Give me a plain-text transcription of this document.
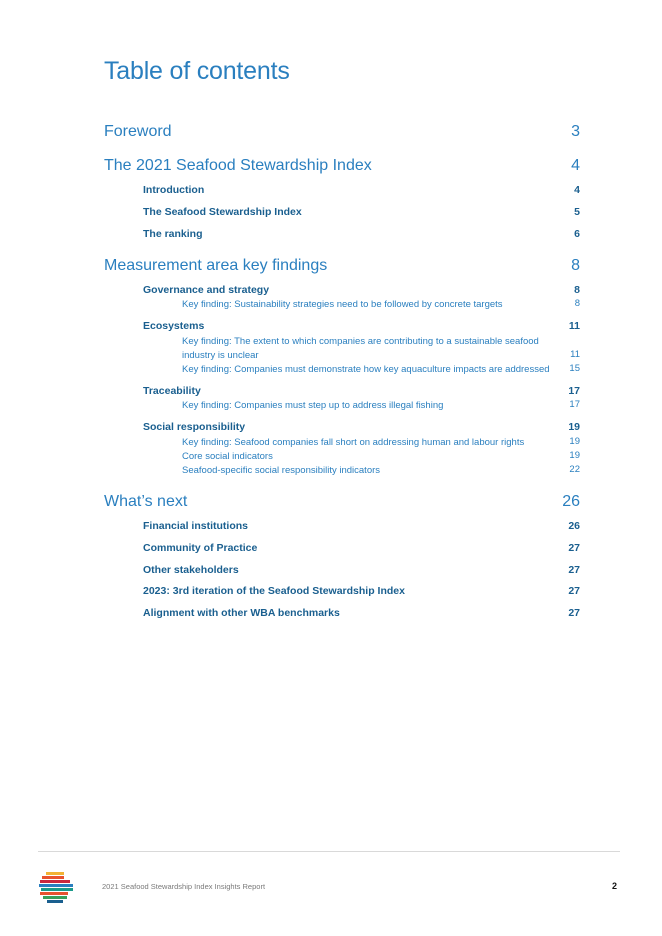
Table of contents
Foreword	3
The 2021 Seafood Stewardship Index	4
Introduction	4
The Seafood Stewardship Index	5
The ranking	6
Measurement area key findings	8
Governance and strategy	8
Key finding: Sustainability strategies need to be followed by concrete targets	8
Ecosystems	11
Key finding: The extent to which companies are contributing to a sustainable seafood industry is unclear	11
Key finding: Companies must demonstrate how key aquaculture impacts are addressed 15
Traceability	17
Key finding: Companies must step up to address illegal fishing	17
Social responsibility	19
Key finding: Seafood companies fall short on addressing human and labour rights	19
Core social indicators	19
Seafood-specific social responsibility indicators	22
What’s next	26
Financial institutions	26
Community of Practice	27
Other stakeholders	27
2023: 3rd iteration of the Seafood Stewardship Index	27
Alignment with other WBA benchmarks	27
2021 Seafood Stewardship Index Insights Report	2
